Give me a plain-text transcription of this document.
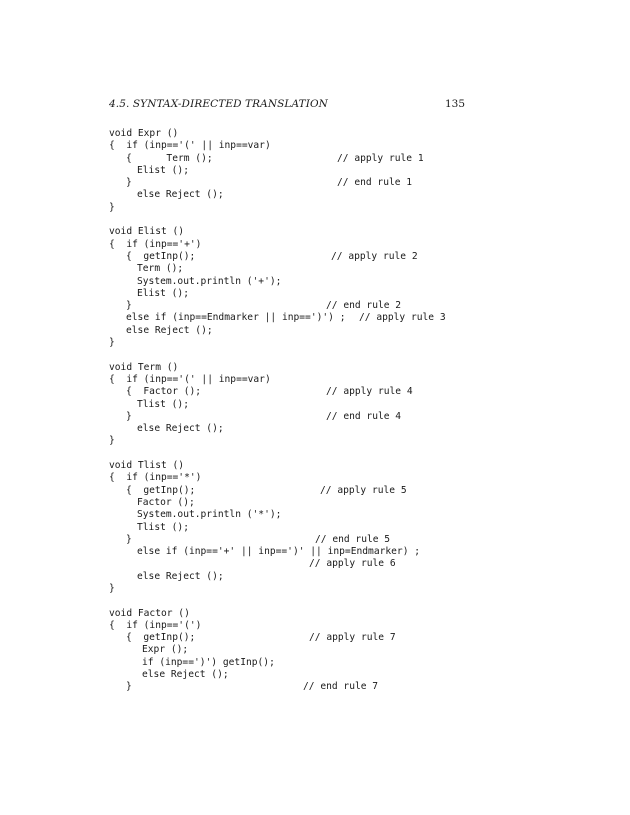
4.5. SYNTAX-DIRECTED TRANSLATION	135
void Expr ()
{  if (inp=='(' || inp==var)
{      Term ();	// apply rule 1
Elist ();
}	// end rule 1
else Reject ();
}
void Elist ()
{  if (inp=='+')
{  getInp();	// apply rule 2
Term ();
System.out.println ('+');
Elist ();
}	// end rule 2
else if (inp==Endmarker || inp==')') ; // apply rule 3
else Reject ();
}
void Term ()
{  if (inp=='(' || inp==var)
{  Factor ();	// apply rule 4
Tlist ();
}	// end rule 4
else Reject ();
}
void Tlist ()
{  if (inp=='*')
{  getInp();	// apply rule 5
Factor ();
System.out.println ('*');
Tlist ();
}	// end rule 5
else if (inp=='+' || inp==')' || inp=Endmarker) ;
// apply rule 6
else Reject ();
}
void Factor ()
{  if (inp=='(')
{  getInp();	// apply rule 7
Expr ();
if (inp==')') getInp();
else Reject ();
}	// end rule 7
